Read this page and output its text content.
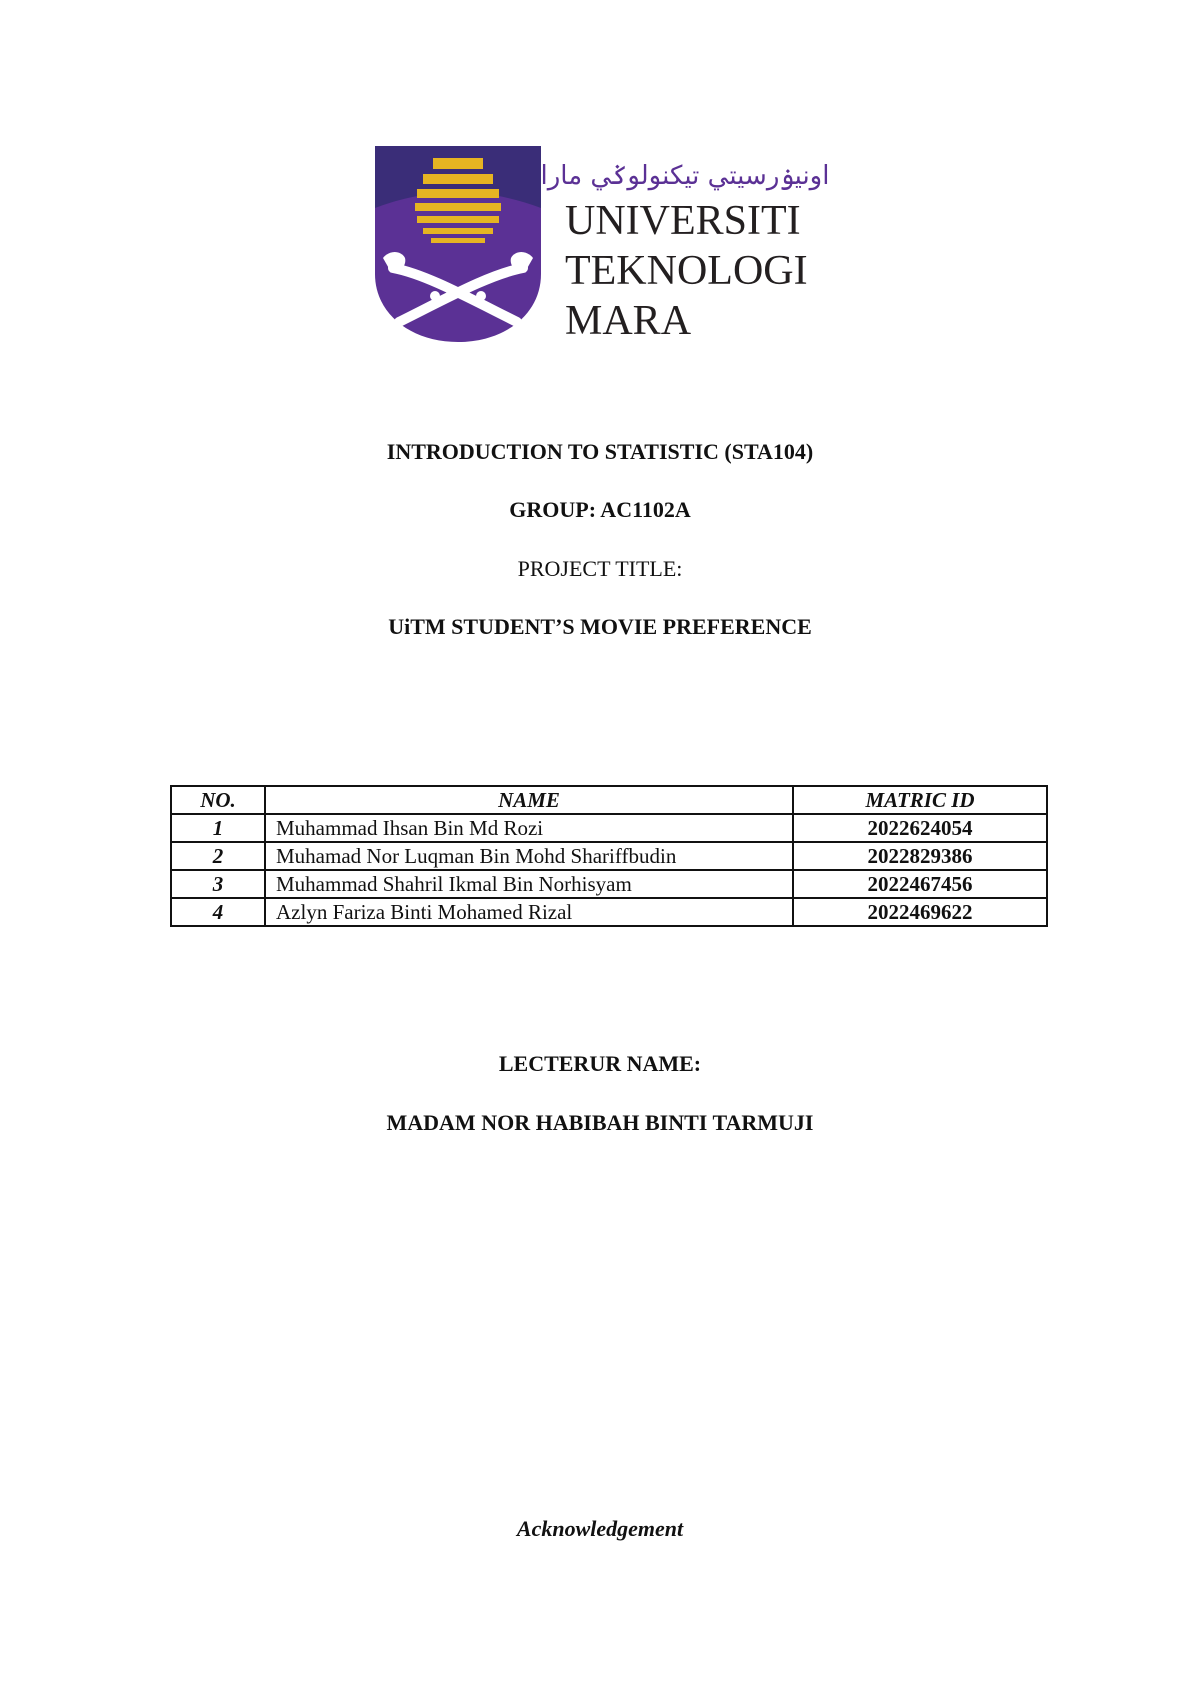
اونيۏرسيتي تيکنولوݢي مارا
UNIVERSITI
TEKNOLOGI
MARA
INTRODUCTION TO STATISTIC (STA104)
GROUP: AC1102A
PROJECT TITLE:
UiTM STUDENT’S MOVIE PREFERENCE
NO.	NAME	MATRIC ID
1	Muhammad Ihsan Bin Md Rozi	2022624054
2	Muhamad Nor Luqman Bin Mohd Shariffbudin	2022829386
3	Muhammad Shahril Ikmal Bin Norhisyam	2022467456
4	Azlyn Fariza Binti Mohamed Rizal	2022469622
LECTERUR NAME:
MADAM NOR HABIBAH BINTI TARMUJI
Acknowledgement
